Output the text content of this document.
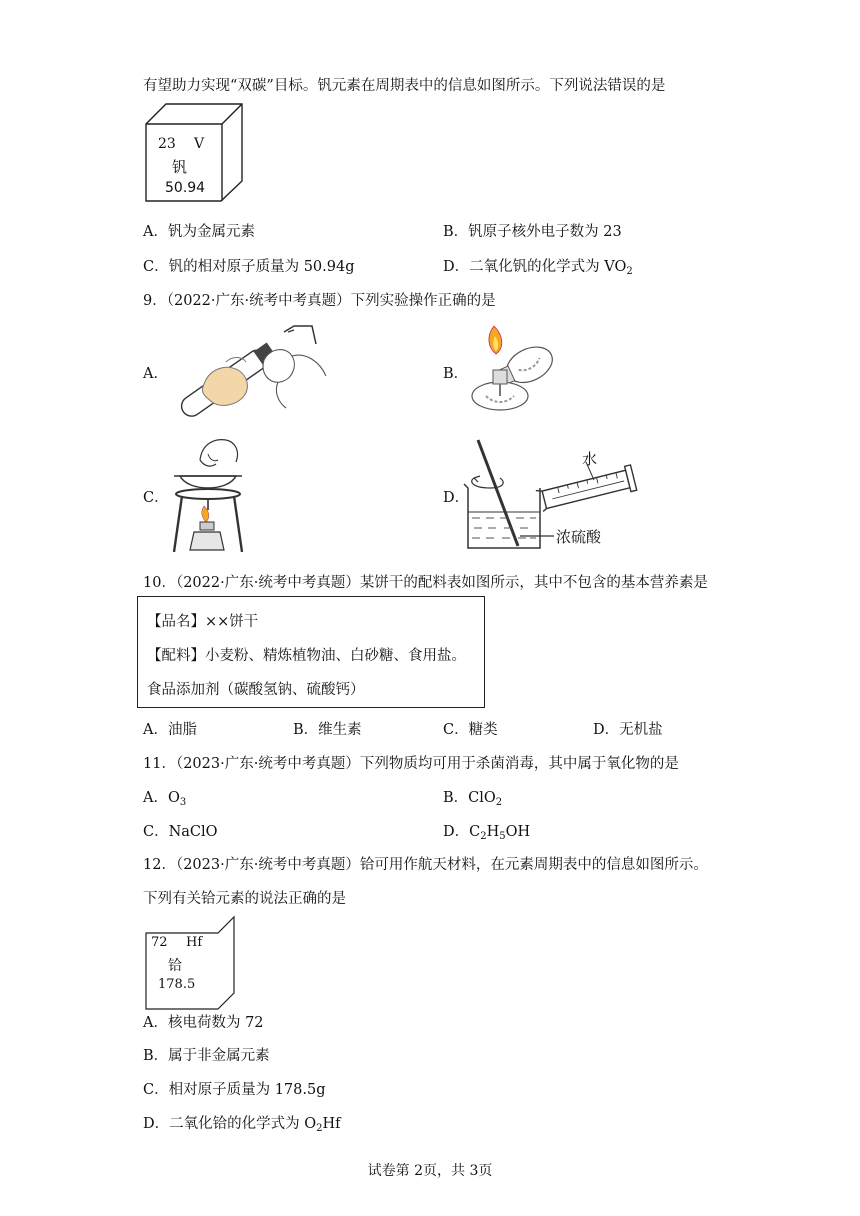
有望助力实现“双碳”目标。钒元素在周期表中的信息如图所示。下列说法错误的是
23 V
钒
50.94
A．钒为金属元素	B．钒原子核外电子数为 23
C．钒的相对原子质量为 50.94g	D．二氧化钒的化学式为 $VO_2$
9．（2022·广东·统考中考真题）下列实验操作正确的是
A．	B．
C．	D．
水
浓硫酸
10．（2022·广东·统考中考真题）某饼干的配料表如图所示，其中不包含的基本营养素是
【品名】××饼干
【配料】小麦粉、精炼植物油、白砂糖、食用盐。
食品添加剂（碳酸氢钠、硫酸钙）
A．油脂	B．维生素	C．糖类	D．无机盐
11．（2023·广东·统考中考真题）下列物质均可用于杀菌消毒，其中属于氧化物的是
A．$O_3$	B．ClO$_2$
C．NaClO	D．$C_2H_5OH$
12．（2023·广东·统考中考真题）铪可用作航天材料，在元素周期表中的信息如图所示。
下列有关铪元素的说法正确的是
72 Hf
铪
178.5
A．核电荷数为 72
B．属于非金属元素
C．相对原子质量为 178.5g
D．二氧化铪的化学式为 $O_2Hf$
试卷第 2页，共 3页
